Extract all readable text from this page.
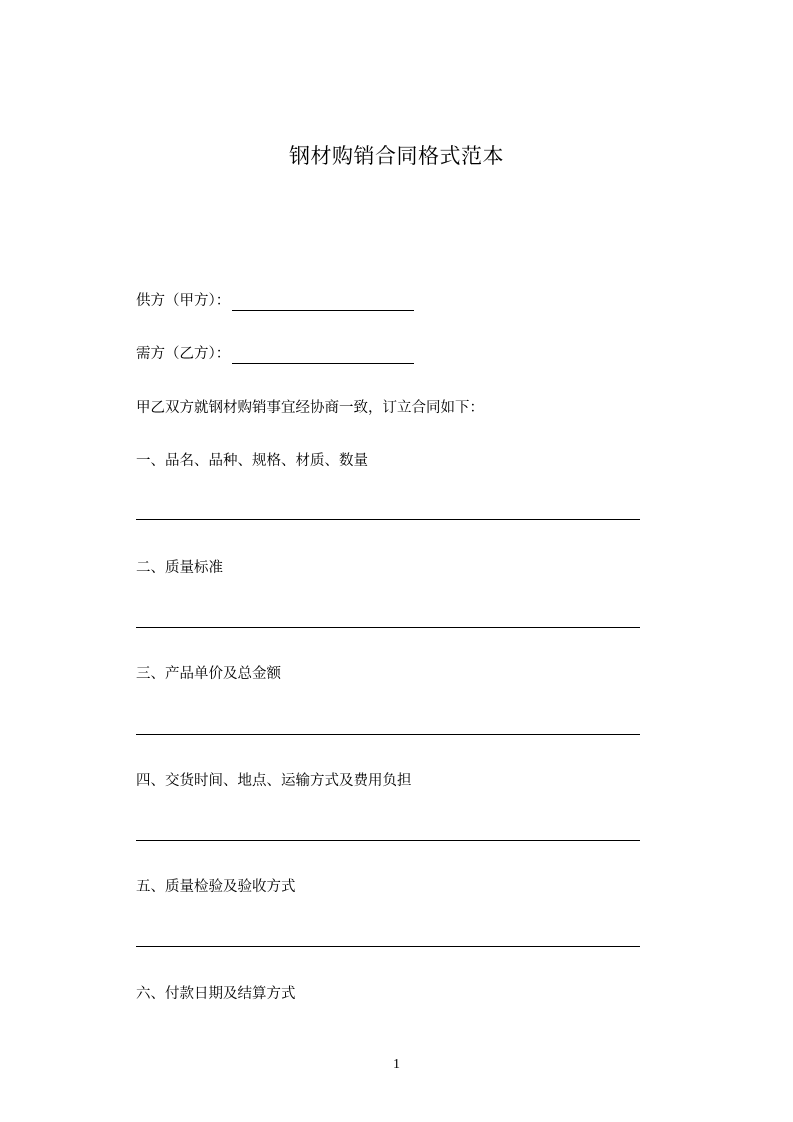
钢材购销合同格式范本
供方（甲方）：
需方（乙方）：
甲乙双方就钢材购销事宜经协商一致，订立合同如下：
一、品名、品种、规格、材质、数量
二、质量标准
三、产品单价及总金额
四、交货时间、地点、运输方式及费用负担
五、质量检验及验收方式
六、付款日期及结算方式
1
